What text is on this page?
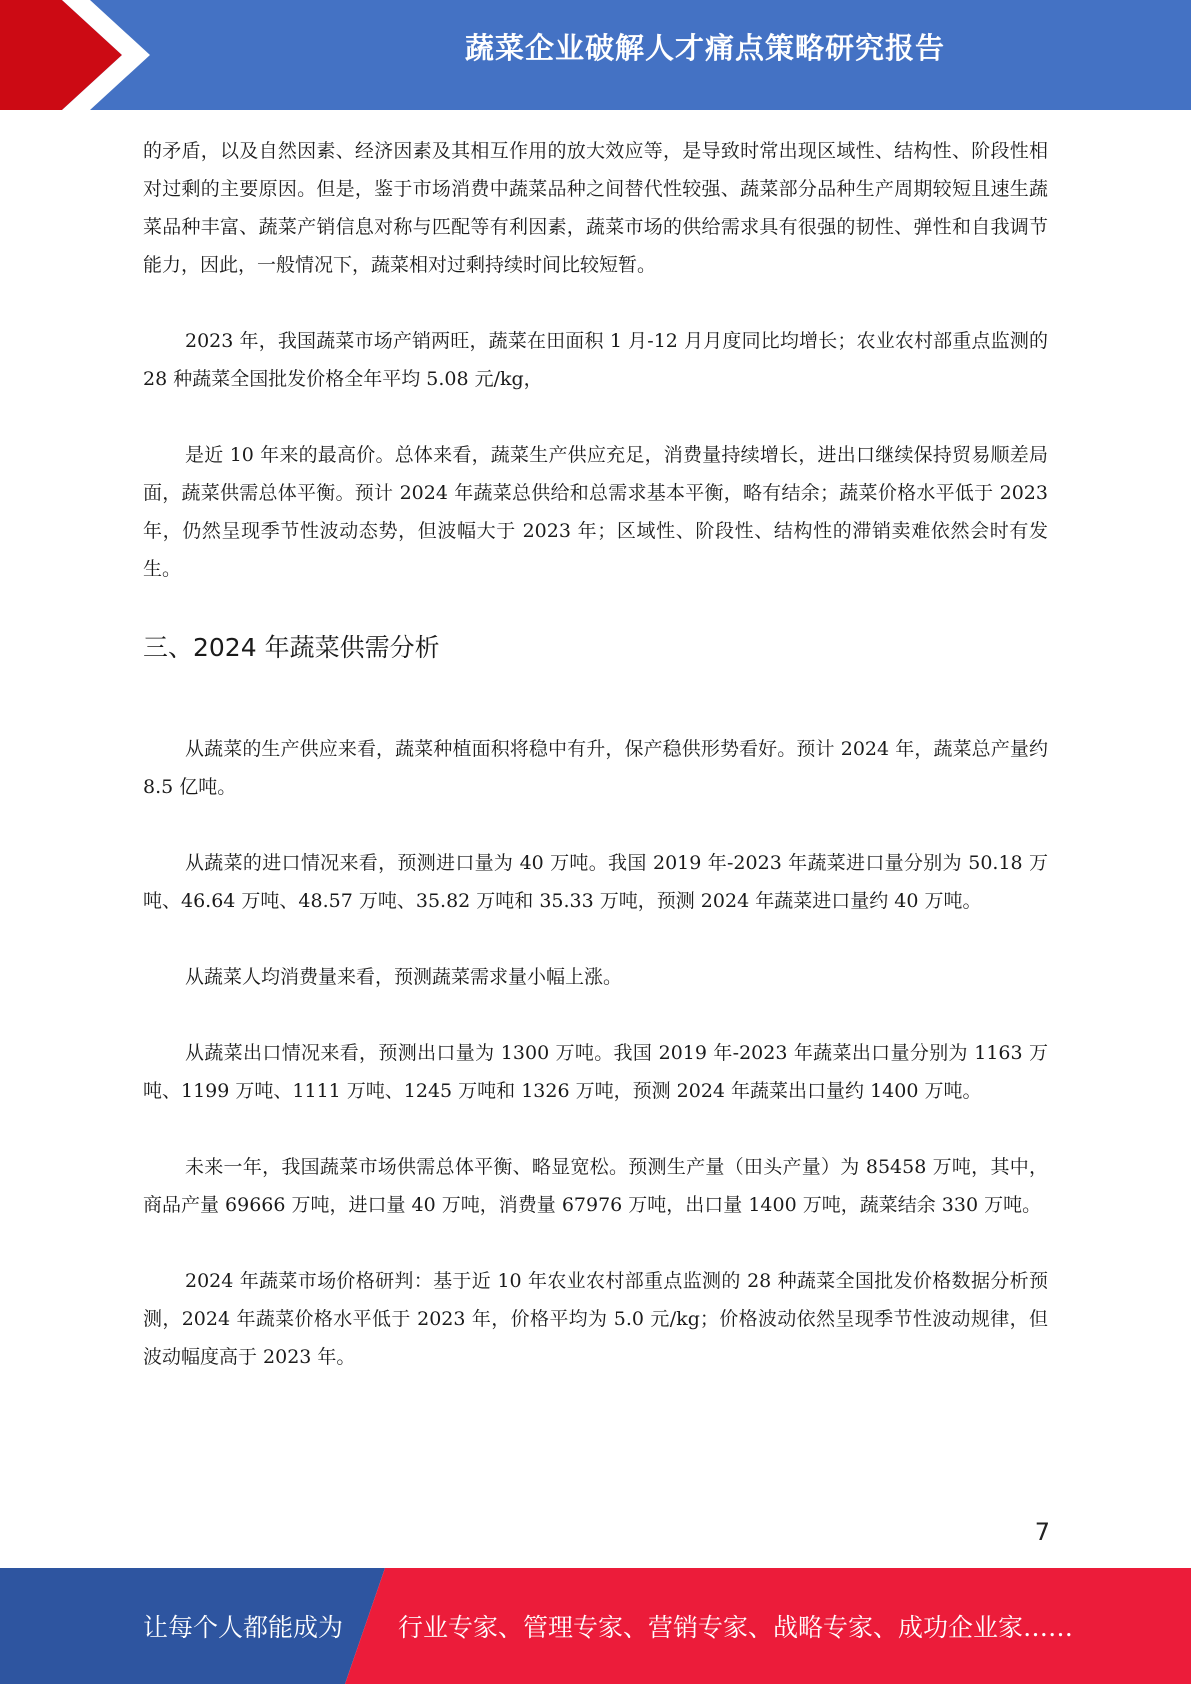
蔬菜企业破解人才痛点策略研究报告

的矛盾，以及自然因素、经济因素及其相互作用的放大效应等，是导致时常出现区域性、结构性、阶段性相对过剩的主要原因。但是，鉴于市场消费中蔬菜品种之间替代性较强、蔬菜部分品种生产周期较短且速生蔬菜品种丰富、蔬菜产销信息对称与匹配等有利因素，蔬菜市场的供给需求具有很强的韧性、弹性和自我调节能力，因此，一般情况下，蔬菜相对过剩持续时间比较短暂。

2023 年，我国蔬菜市场产销两旺，蔬菜在田面积 1 月-12 月月度同比均增长；农业农村部重点监测的 28 种蔬菜全国批发价格全年平均 5.08 元/kg，

是近 10 年来的最高价。总体来看，蔬菜生产供应充足，消费量持续增长，进出口继续保持贸易顺差局面，蔬菜供需总体平衡。预计 2024 年蔬菜总供给和总需求基本平衡，略有结余；蔬菜价格水平低于 2023 年，仍然呈现季节性波动态势，但波幅大于 2023 年；区域性、阶段性、结构性的滞销卖难依然会时有发生。

三、2024 年蔬菜供需分析

从蔬菜的生产供应来看，蔬菜种植面积将稳中有升，保产稳供形势看好。预计 2024 年，蔬菜总产量约 8.5 亿吨。

从蔬菜的进口情况来看，预测进口量为 40 万吨。我国 2019 年-2023 年蔬菜进口量分别为 50.18 万吨、46.64 万吨、48.57 万吨、35.82 万吨和 35.33 万吨，预测 2024 年蔬菜进口量约 40 万吨。

从蔬菜人均消费量来看，预测蔬菜需求量小幅上涨。

从蔬菜出口情况来看，预测出口量为 1300 万吨。我国 2019 年-2023 年蔬菜出口量分别为 1163 万吨、1199 万吨、1111 万吨、1245 万吨和 1326 万吨，预测 2024 年蔬菜出口量约 1400 万吨。

未来一年，我国蔬菜市场供需总体平衡、略显宽松。预测生产量（田头产量）为 85458 万吨，其中，商品产量 69666 万吨，进口量 40 万吨，消费量 67976 万吨，出口量 1400 万吨，蔬菜结余 330 万吨。

2024 年蔬菜市场价格研判：基于近 10 年农业农村部重点监测的 28 种蔬菜全国批发价格数据分析预测，2024 年蔬菜价格水平低于 2023 年，价格平均为 5.0 元/kg；价格波动依然呈现季节性波动规律，但波动幅度高于 2023 年。

7
让每个人都能成为 行业专家、管理专家、营销专家、战略专家、成功企业家……
